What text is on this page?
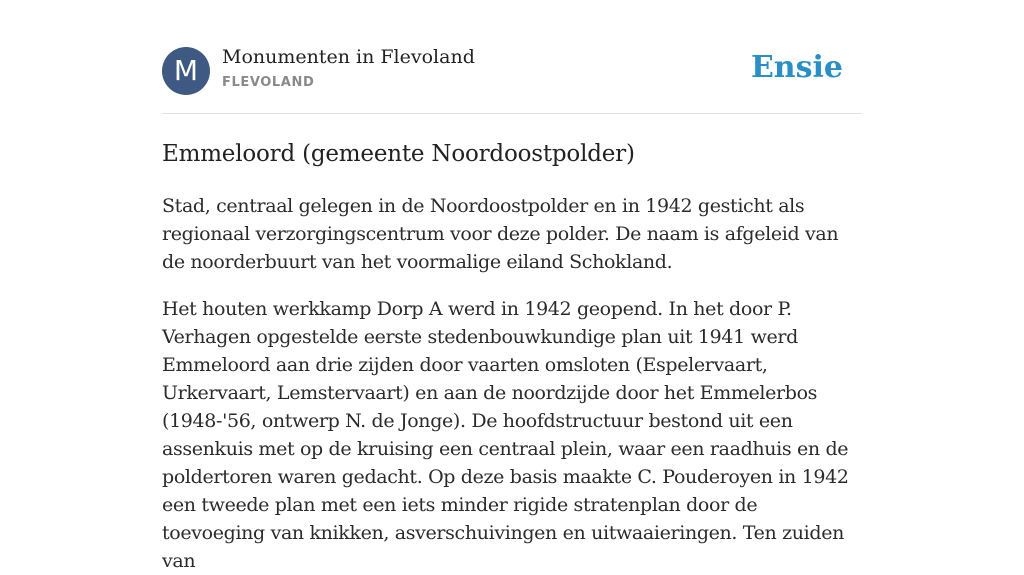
M	Monumenten in Flevoland
FLEVOLAND	Ensie
Emmeloord (gemeente Noordoostpolder)

Stad, centraal gelegen in de Noordoostpolder en in 1942 gesticht als regionaal verzorgingscentrum voor deze polder. De naam is afgeleid van de noorderbuurt van het voormalige eiland Schokland.

Het houten werkkamp Dorp A werd in 1942 geopend. In het door P. Verhagen opgestelde eerste stedenbouwkundige plan uit 1941 werd Emmeloord aan drie zijden door vaarten omsloten (Espelervaart, Urkervaart, Lemstervaart) en aan de noordzijde door het Emmelerbos (1948-'56, ontwerp N. de Jonge). De hoofdstructuur bestond uit een assenkuis met op de kruising een centraal plein, waar een raadhuis en de poldertoren waren gedacht. Op deze basis maakte C. Pouderoyen in 1942 een tweede plan met een iets minder rigide stratenplan door de toevoeging van knikken, asverschuivingen en uitwaaieringen. Ten zuiden van
